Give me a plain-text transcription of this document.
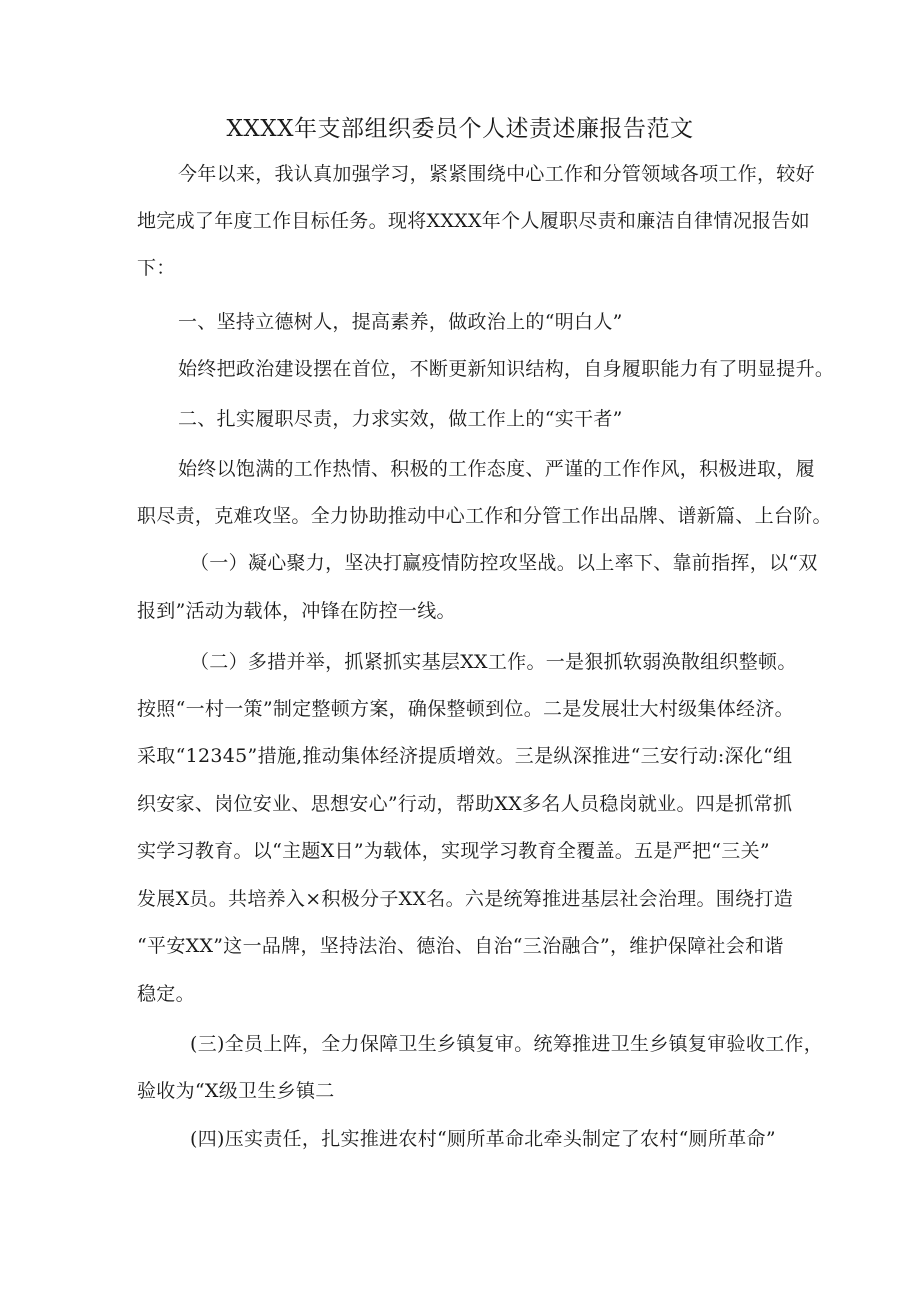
XXXX年支部组织委员个人述责述廉报告范文
今年以来，我认真加强学习，紧紧围绕中心工作和分管领域各项工作，较好
地完成了年度工作目标任务。现将XXXX年个人履职尽责和廉洁自律情况报告如
下：
一、坚持立德树人，提高素养，做政治上的“明白人”
始终把政治建设摆在首位，不断更新知识结构，自身履职能力有了明显提升。
二、扎实履职尽责，力求实效，做工作上的“实干者”
始终以饱满的工作热情、积极的工作态度、严谨的工作作风，积极进取，履
职尽责，克难攻坚。全力协助推动中心工作和分管工作出品牌、谱新篇、上台阶。
（一）凝心聚力，坚决打赢疫情防控攻坚战。以上率下、靠前指挥，以“双
报到”活动为载体，冲锋在防控一线。
（二）多措并举，抓紧抓实基层XX工作。一是狠抓软弱涣散组织整顿。
按照“一村一策”制定整顿方案，确保整顿到位。二是发展壮大村级集体经济。
采取“12345”措施,推动集体经济提质增效。三是纵深推进“三安行动:深化“组
织安家、岗位安业、思想安心”行动，帮助XX多名人员稳岗就业。四是抓常抓
实学习教育。以“主题X日”为载体，实现学习教育全覆盖。五是严把“三关”
发展X员。共培养入×积极分子XX名。六是统筹推进基层社会治理。围绕打造
“平安XX”这一品牌，坚持法治、德治、自治“三治融合”，维护保障社会和谐
稳定。
(三)全员上阵，全力保障卫生乡镇复审。统筹推进卫生乡镇复审验收工作，
验收为“X级卫生乡镇二
(四)压实责任，扎实推进农村“厕所革命北牵头制定了农村“厕所革命”
